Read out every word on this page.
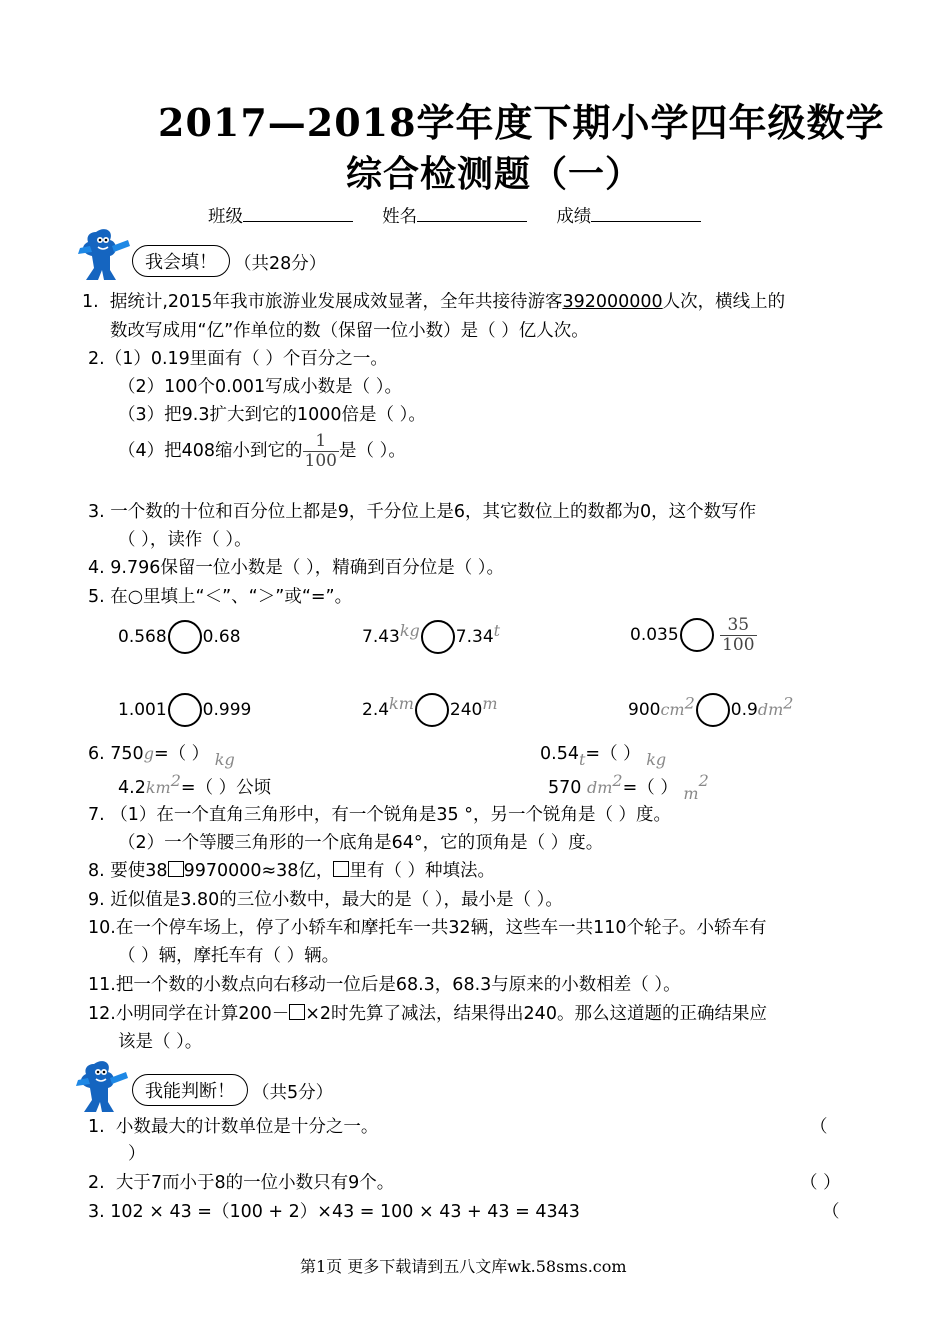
2017—2018学年度下期小学四年级数学
综合检测题（一）
班级	姓名	成绩
我会填！ （共28分）
1. 据统计,2015年我市旅游业发展成效显著，全年共接待游客392000000人次，横线上的
数改写成用“亿”作单位的数（保留一位小数）是（ ）亿人次。
2.（1）0.19里面有（ ）个百分之一。
（2）100个0.001写成小数是（ ）。
（3）把9.3扩大到它的1000倍是（ ）。
（4）把408缩小到它的 $\frac{1}{100}$ 是（ ）。
3. 一个数的十位和百分位上都是9，千分位上是6，其它数位上的数都为0，这个数写作
（ ），读作（ ）。
4. 9.796保留一位小数是（ ），精确到百分位是（ ）。
5. 在○里填上“＜”、“＞”或“=”。
0.568 0.68	7.43kg 7.34t	$0.035 \frac{35}{100}$
1.001 0.999	2.4km 240m	$900cm^2$ $0.9dm^2$
6. 750g=（ ） kg	0.54t=（ ） kg
$4.2km^2=$（ ）公顷	570 $dm^2=$（ ） $m^2$
7. （1）在一个直角三角形中，有一个锐角是35 °，另一个锐角是（ ）度。
（2）一个等腰三角形的一个底角是64°，它的顶角是（ ）度。
8. 要使38 9970000≈38亿， 里有（ ）种填法。
9. 近似值是3.80的三位小数中，最大的是（ ），最小是（ ）。
10.在一个停车场上，停了小轿车和摩托车一共32辆，这些车一共110个轮子。小轿车有
（ ）辆，摩托车有（ ）辆。
11.把一个数的小数点向右移动一位后是68.3，68.3与原来的小数相差（ ）。
12.小明同学在计算200－ ×2时先算了减法，结果得出240。那么这道题的正确结果应
该是（ ）。
我能判断！ （共5分）
1. 小数最大的计数单位是十分之一。	（
）
2. 大于7而小于8的一位小数只有9个。	（ ）
3. 102 × 43 =（100 + 2）×43 = 100 × 43 + 43 = 4343	（
第1页 更多下载请到五八文库wk.58sms.com
